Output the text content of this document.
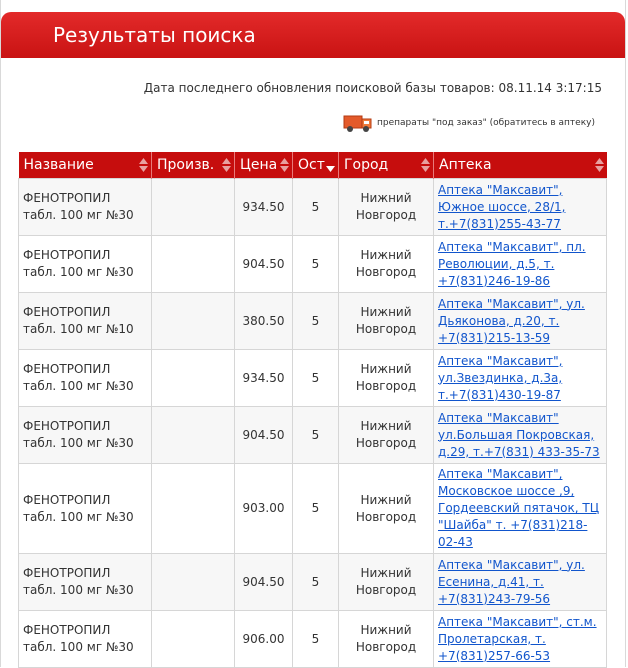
Результаты поиска
Дата последнего обновления поисковой базы товаров: 08.11.14 3:17:15
препараты "под заказ" (обратитесь в аптеку)
Название	Произв.	Цена	Ост	Город	Аптека

ФЕНОТРОПИЛ табл. 100 мг №30		934.50	5	Нижний Новгород	Аптека "Максавит", Южное шоссе, 28/1, т.+7(831)255-43-77
ФЕНОТРОПИЛ табл. 100 мг №30		904.50	5	Нижний Новгород	Аптека "Максавит", пл. Революции, д.5, т. +7(831)246-19-86
ФЕНОТРОПИЛ табл. 100 мг №10		380.50	5	Нижний Новгород	Аптека "Максавит", ул. Дьяконова, д.20, т. +7(831)215-13-59
ФЕНОТРОПИЛ табл. 100 мг №30		934.50	5	Нижний Новгород	Аптека "Максавит", ул.Звездинка, д.3а, т.+7(831)430-19-87
ФЕНОТРОПИЛ табл. 100 мг №30		904.50	5	Нижний Новгород	Аптека "Максавит" ул.Большая Покровская, д.29, т.+7(831) 433-35-73
ФЕНОТРОПИЛ табл. 100 мг №30		903.00	5	Нижний Новгород	Аптека "Максавит", Московское шоссе ,9, Гордеевский пятачок, ТЦ "Шайба" т. +7(831)218-02-43
ФЕНОТРОПИЛ табл. 100 мг №30		904.50	5	Нижний Новгород	Аптека "Максавит", ул. Есенина, д.41, т. +7(831)243-79-56
ФЕНОТРОПИЛ табл. 100 мг №30		906.00	5	Нижний Новгород	Аптека "Максавит", ст.м. Пролетарская, т. +7(831)257-66-53
